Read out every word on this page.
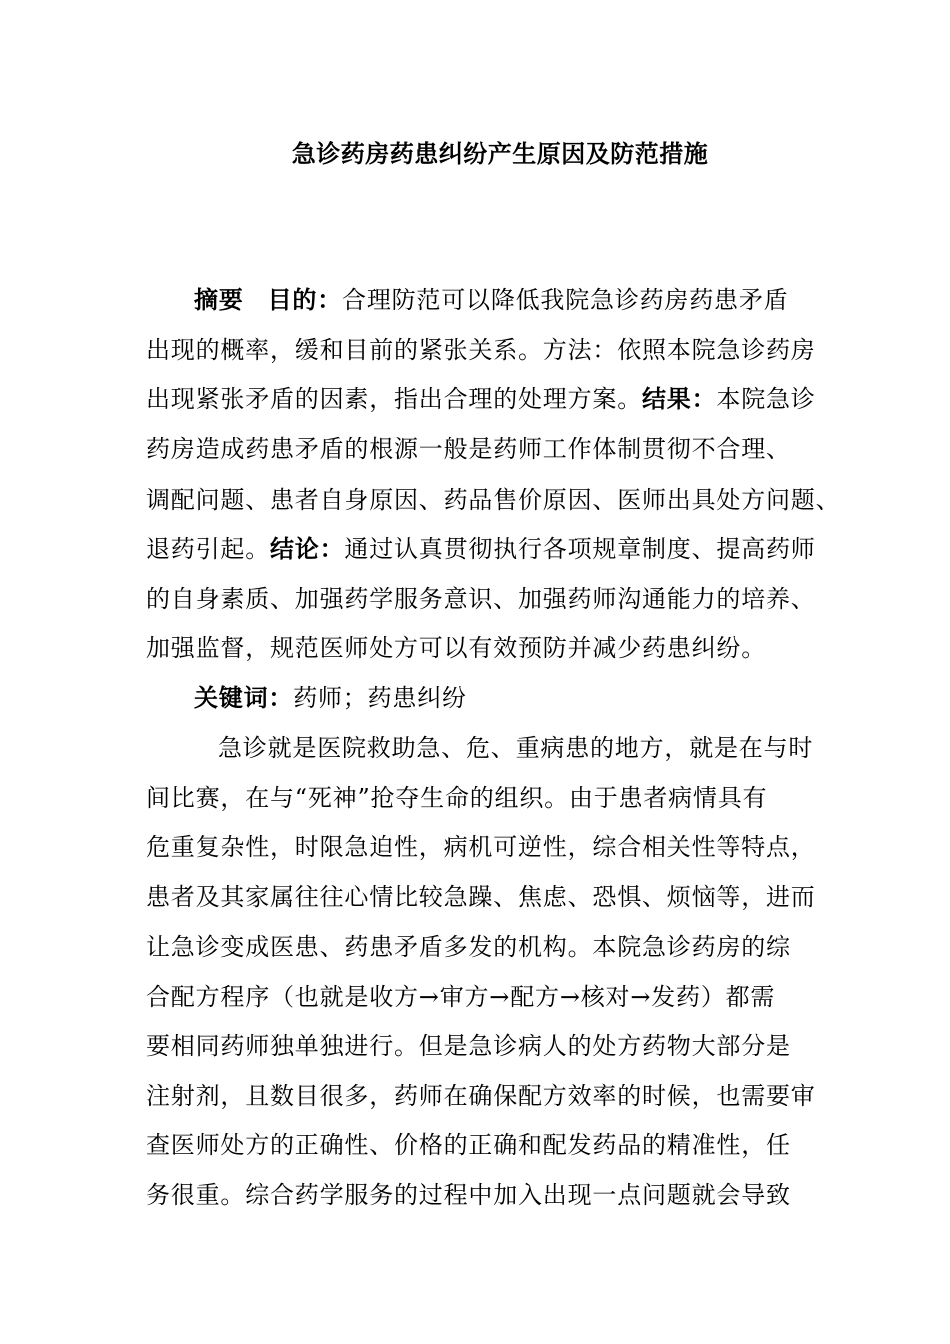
急诊药房药患纠纷产生原因及防范措施
摘要 目的：合理防范可以降低我院急诊药房药患矛盾
出现的概率，缓和目前的紧张关系。方法：依照本院急诊药房
出现紧张矛盾的因素，指出合理的处理方案。结果：本院急诊
药房造成药患矛盾的根源一般是药师工作体制贯彻不合理、
调配问题、患者自身原因、药品售价原因、医师出具处方问题、
退药引起。结论：通过认真贯彻执行各项规章制度、提高药师
的自身素质、加强药学服务意识、加强药师沟通能力的培养、
加强监督，规范医师处方可以有效预防并减少药患纠纷。
关键词：药师；药患纠纷
急诊就是医院救助急、危、重病患的地方，就是在与时
间比赛，在与“死神”抢夺生命的组织。由于患者病情具有
危重复杂性，时限急迫性，病机可逆性，综合相关性等特点，
患者及其家属往往心情比较急躁、焦虑、恐惧、烦恼等，进而
让急诊变成医患、药患矛盾多发的机构。本院急诊药房的综
合配方程序（也就是收方→审方→配方→核对→发药）都需
要相同药师独单独进行。但是急诊病人的处方药物大部分是
注射剂，且数目很多，药师在确保配方效率的时候，也需要审
查医师处方的正确性、价格的正确和配发药品的精准性，任
务很重。综合药学服务的过程中加入出现一点问题就会导致
